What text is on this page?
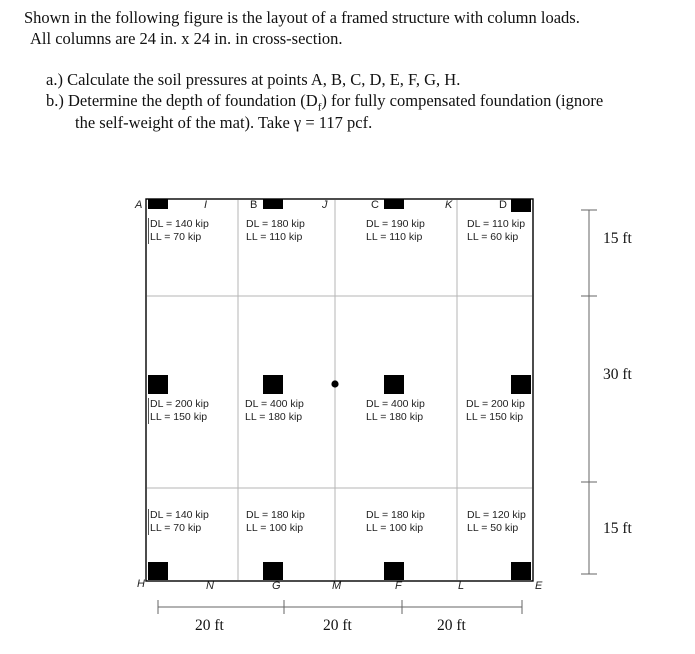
Shown in the following figure is the layout of a framed structure with column loads.
All columns are 24 in. x 24 in. in cross-section.
a.) Calculate the soil pressures at points A, B, C, D, E, F, G, H.
b.) Determine the depth of foundation $(D_f)$ for fully compensated foundation (ignore
the self-weight of the mat). Take γ = 117 pcf.
A	I	B	J	C	K	D
H	N	G	M	F	L	E
DL = 140 kip
LL = 70 kip
DL = 180 kip
LL = 110 kip
DL = 190 kip
LL = 110 kip
DL = 110 kip
LL = 60 kip
DL = 200 kip
LL = 150 kip
DL = 400 kip
LL = 180 kip
DL = 400 kip
LL = 180 kip
DL = 200 kip
LL = 150 kip
DL = 140 kip
LL = 70 kip
DL = 180 kip
LL = 100 kip
DL = 180 kip
LL = 100 kip
DL = 120 kip
LL = 50 kip
15 ft
30 ft
15 ft
20 ft	20 ft	20 ft
